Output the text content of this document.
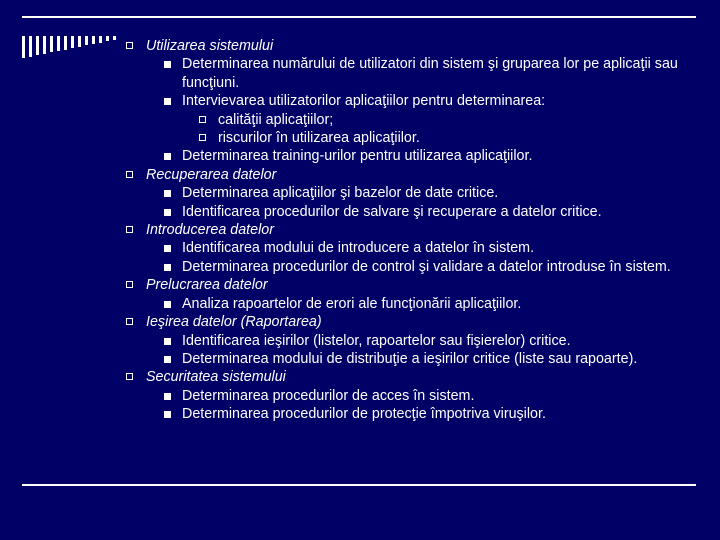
Utilizarea sistemului
Determinarea numărului de utilizatori din sistem şi gruparea lor pe aplicaţii sau funcţiuni.
Intervievarea utilizatorilor aplicaţiilor pentru determinarea:
calităţii aplicaţiilor;
riscurilor în utilizarea aplicaţiilor.
Determinarea training-urilor pentru utilizarea aplicaţiilor.
Recuperarea datelor
Determinarea aplicaţiilor şi bazelor de date critice.
Identificarea procedurilor de salvare şi recuperare a datelor critice.
Introducerea datelor
Identificarea modului de introducere a datelor în sistem.
Determinarea procedurilor de control şi validare a datelor introduse în sistem.
Prelucrarea datelor
Analiza rapoartelor de erori ale funcţionării aplicaţiilor.
Ieşirea datelor (Raportarea)
Identificarea ieşirilor (listelor, rapoartelor sau fişierelor) critice.
Determinarea modului de distribuţie a ieşirilor critice (liste sau rapoarte).
Securitatea sistemului
Determinarea procedurilor de acces în sistem.
Determinarea procedurilor de protecţie împotriva viruşilor.
